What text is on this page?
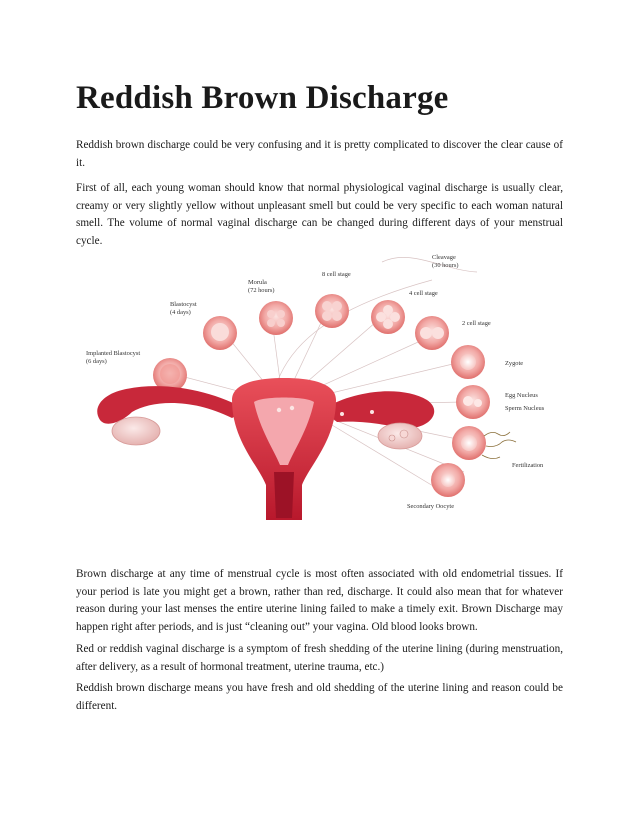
Reddish Brown Discharge

Reddish brown discharge could be very confusing and it is pretty complicated to discover the clear cause of it.

First of all, each young woman should know that normal physiological vaginal discharge is usually clear, creamy or very slightly yellow without unpleasant smell but could be very specific to each woman natural smell. The volume of normal vaginal discharge can be changed during different days of your menstrual cycle.

Cleavage
(30 hours)
8 cell stage
Morula
(72 hours)	4 cell stage
Blastocyst
(4 days)
2 cell stage
Implanted Blastocyst
(6 days)	Zygote
Egg Nucleus
Sperm Nucleus
Fertilization
Secondary Oocyte

Brown discharge at any time of menstrual cycle is most often associated with old endometrial tissues. If your period is late you might get a brown, rather than red, discharge. It could also mean that for whatever reason during your last menses the entire uterine lining failed to make a timely exit. Brown Discharge may happen right after periods, and is just “cleaning out” your vagina. Old blood looks brown.

Red or reddish vaginal discharge is a symptom of fresh shedding of the uterine lining (during menstruation, after delivery, as a result of hormonal treatment, uterine trauma, etc.)

Reddish brown discharge means you have fresh and old shedding of the uterine lining and reason could be different.
